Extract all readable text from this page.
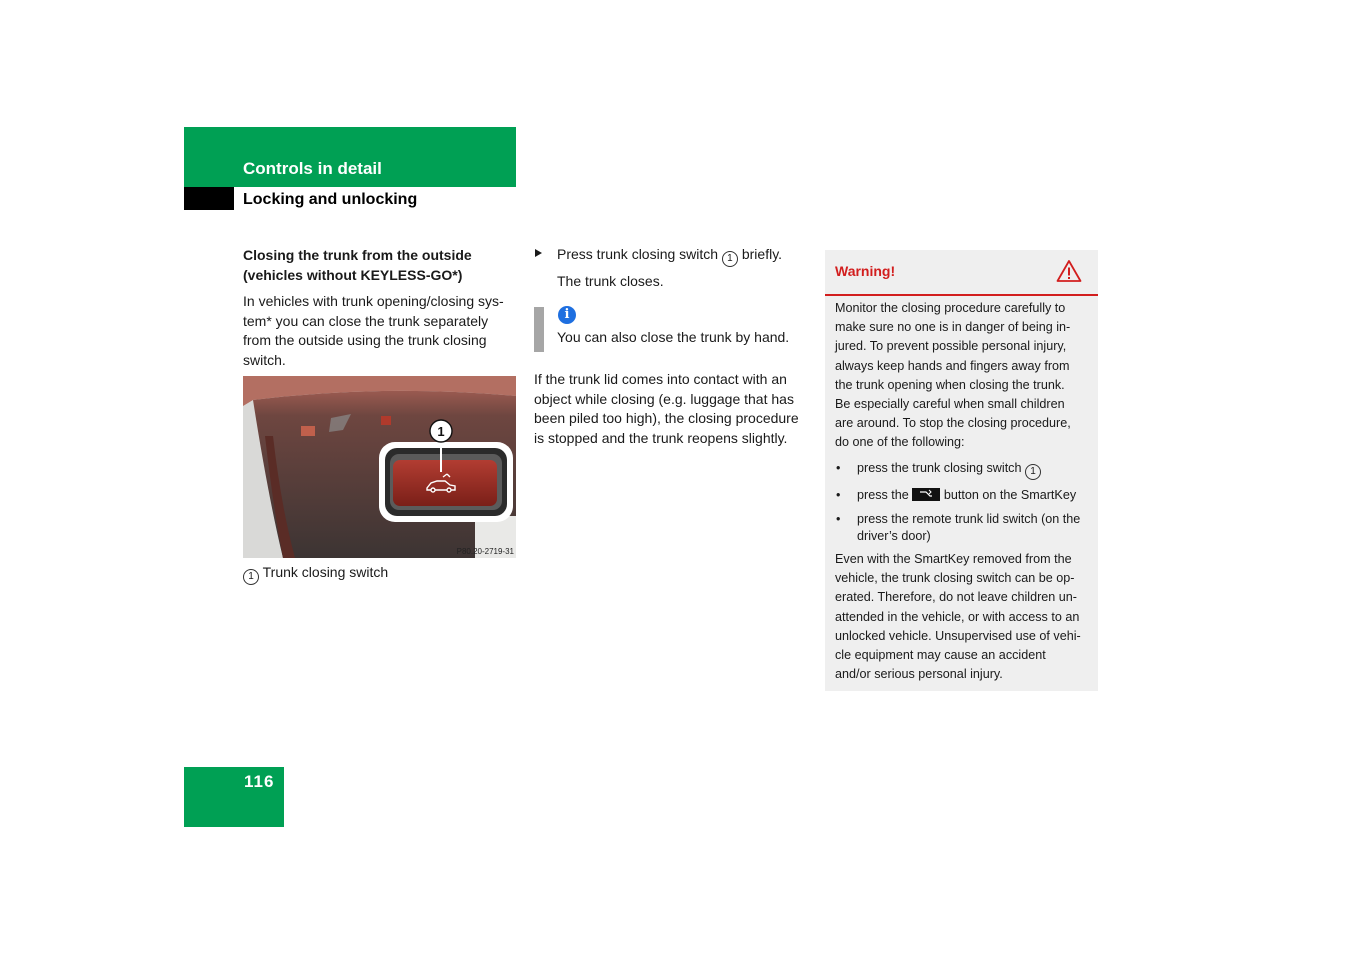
Controls in detail
Locking and unlocking
Closing the trunk from the outside
(vehicles without KEYLESS-GO*)
In vehicles with trunk opening/closing sys-
tem* you can close the trunk separately
from the outside using the trunk closing
switch.
1
P80.20-2719-31
1 Trunk closing switch
Press trunk closing switch 1 briefly.
The trunk closes.
i
You can also close the trunk by hand.
If the trunk lid comes into contact with an
object while closing (e.g. luggage that has
been piled too high), the closing procedure
is stopped and the trunk reopens slightly.
Warning!
Monitor the closing procedure carefully to
make sure no one is in danger of being in-
jured. To prevent possible personal injury,
always keep hands and fingers away from
the trunk opening when closing the trunk.
Be especially careful when small children
are around. To stop the closing procedure,
do one of the following:
• press the trunk closing switch 1
• press the	button on the SmartKey
• press the remote trunk lid switch (on the
driver’s door)
Even with the SmartKey removed from the
vehicle, the trunk closing switch can be op-
erated. Therefore, do not leave children un-
attended in the vehicle, or with access to an
unlocked vehicle. Unsupervised use of vehi-
cle equipment may cause an accident
and/or serious personal injury.
116
